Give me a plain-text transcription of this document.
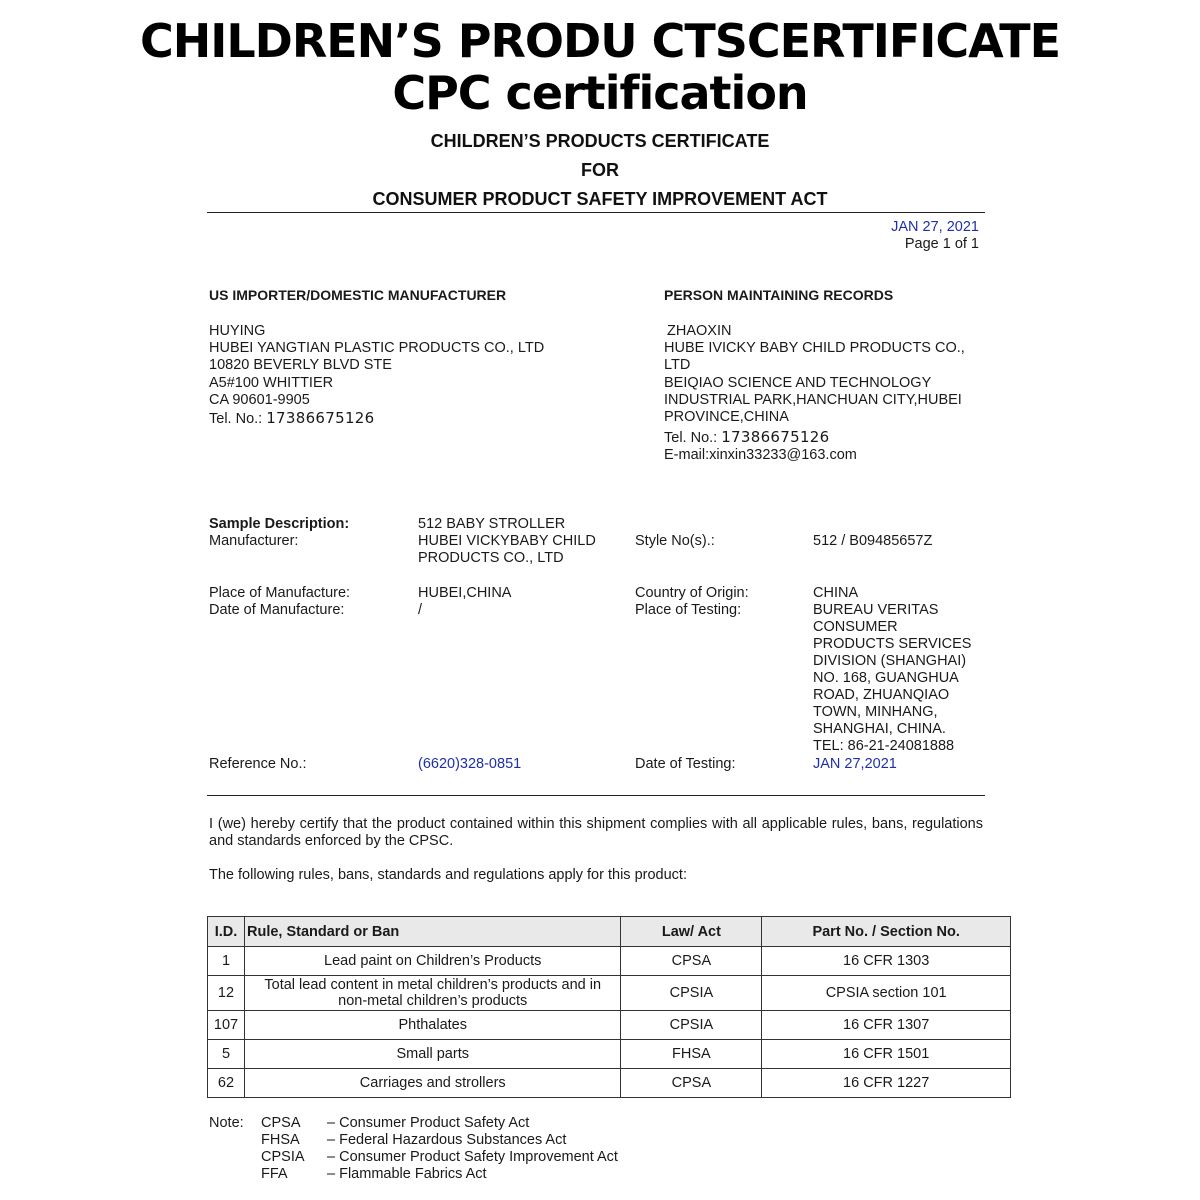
CHILDREN’S PRODU CTSCERTIFICATE
CPC certification
CHILDREN’S PRODUCTS CERTIFICATE
FOR
CONSUMER PRODUCT SAFETY IMPROVEMENT ACT
JAN 27, 2021
Page 1 of 1
US IMPORTER/DOMESTIC MANUFACTURER
HUYING
HUBEI YANGTIAN PLASTIC PRODUCTS CO., LTD
10820 BEVERLY BLVD STE
A5#100 WHITTIER
CA 90601-9905
Tel. No.: 17386675126
PERSON MAINTAINING RECORDS
ZHAOXIN
HUBE IVICKY BABY CHILD PRODUCTS CO.,
LTD
BEIQIAO SCIENCE AND TECHNOLOGY
INDUSTRIAL PARK,HANCHUAN CITY,HUBEI
PROVINCE,CHINA
Tel. No.: 17386675126
E-mail:xinxin33233@163.com
Sample Description:	512 BABY STROLLER
Manufacturer:	HUBEI VICKYBABY CHILD
PRODUCTS CO., LTD
Style No(s).:	512 / B09485657Z
Place of Manufacture:	HUBEI,CHINA
Date of Manufacture:	/
Country of Origin:	CHINA
Place of Testing:	BUREAU VERITAS
CONSUMER
PRODUCTS SERVICES
DIVISION (SHANGHAI)
NO. 168, GUANGHUA
ROAD, ZHUANQIAO
TOWN, MINHANG,
SHANGHAI, CHINA.
TEL: 86-21-24081888
Reference No.:	(6620)328-0851	Date of Testing:	JAN 27,2021
I (we) hereby certify that the product contained within this shipment complies with all applicable rules, bans, regulations and standards enforced by the CPSC.
The following rules, bans, standards and regulations apply for this product:
I.D.	Rule, Standard or Ban	Law/ Act	Part No. / Section No.
1	Lead paint on Children’s Products	CPSA	16 CFR 1303
12	Total lead content in metal children’s products and in non-metal children’s products	CPSIA	CPSIA section 101
107	Phthalates	CPSIA	16 CFR 1307
5	Small parts	FHSA	16 CFR 1501
62	Carriages and strollers	CPSA	16 CFR 1227
Note:	CPSA	– Consumer Product Safety Act
FHSA	– Federal Hazardous Substances Act
CPSIA	– Consumer Product Safety Improvement Act
FFA	– Flammable Fabrics Act
